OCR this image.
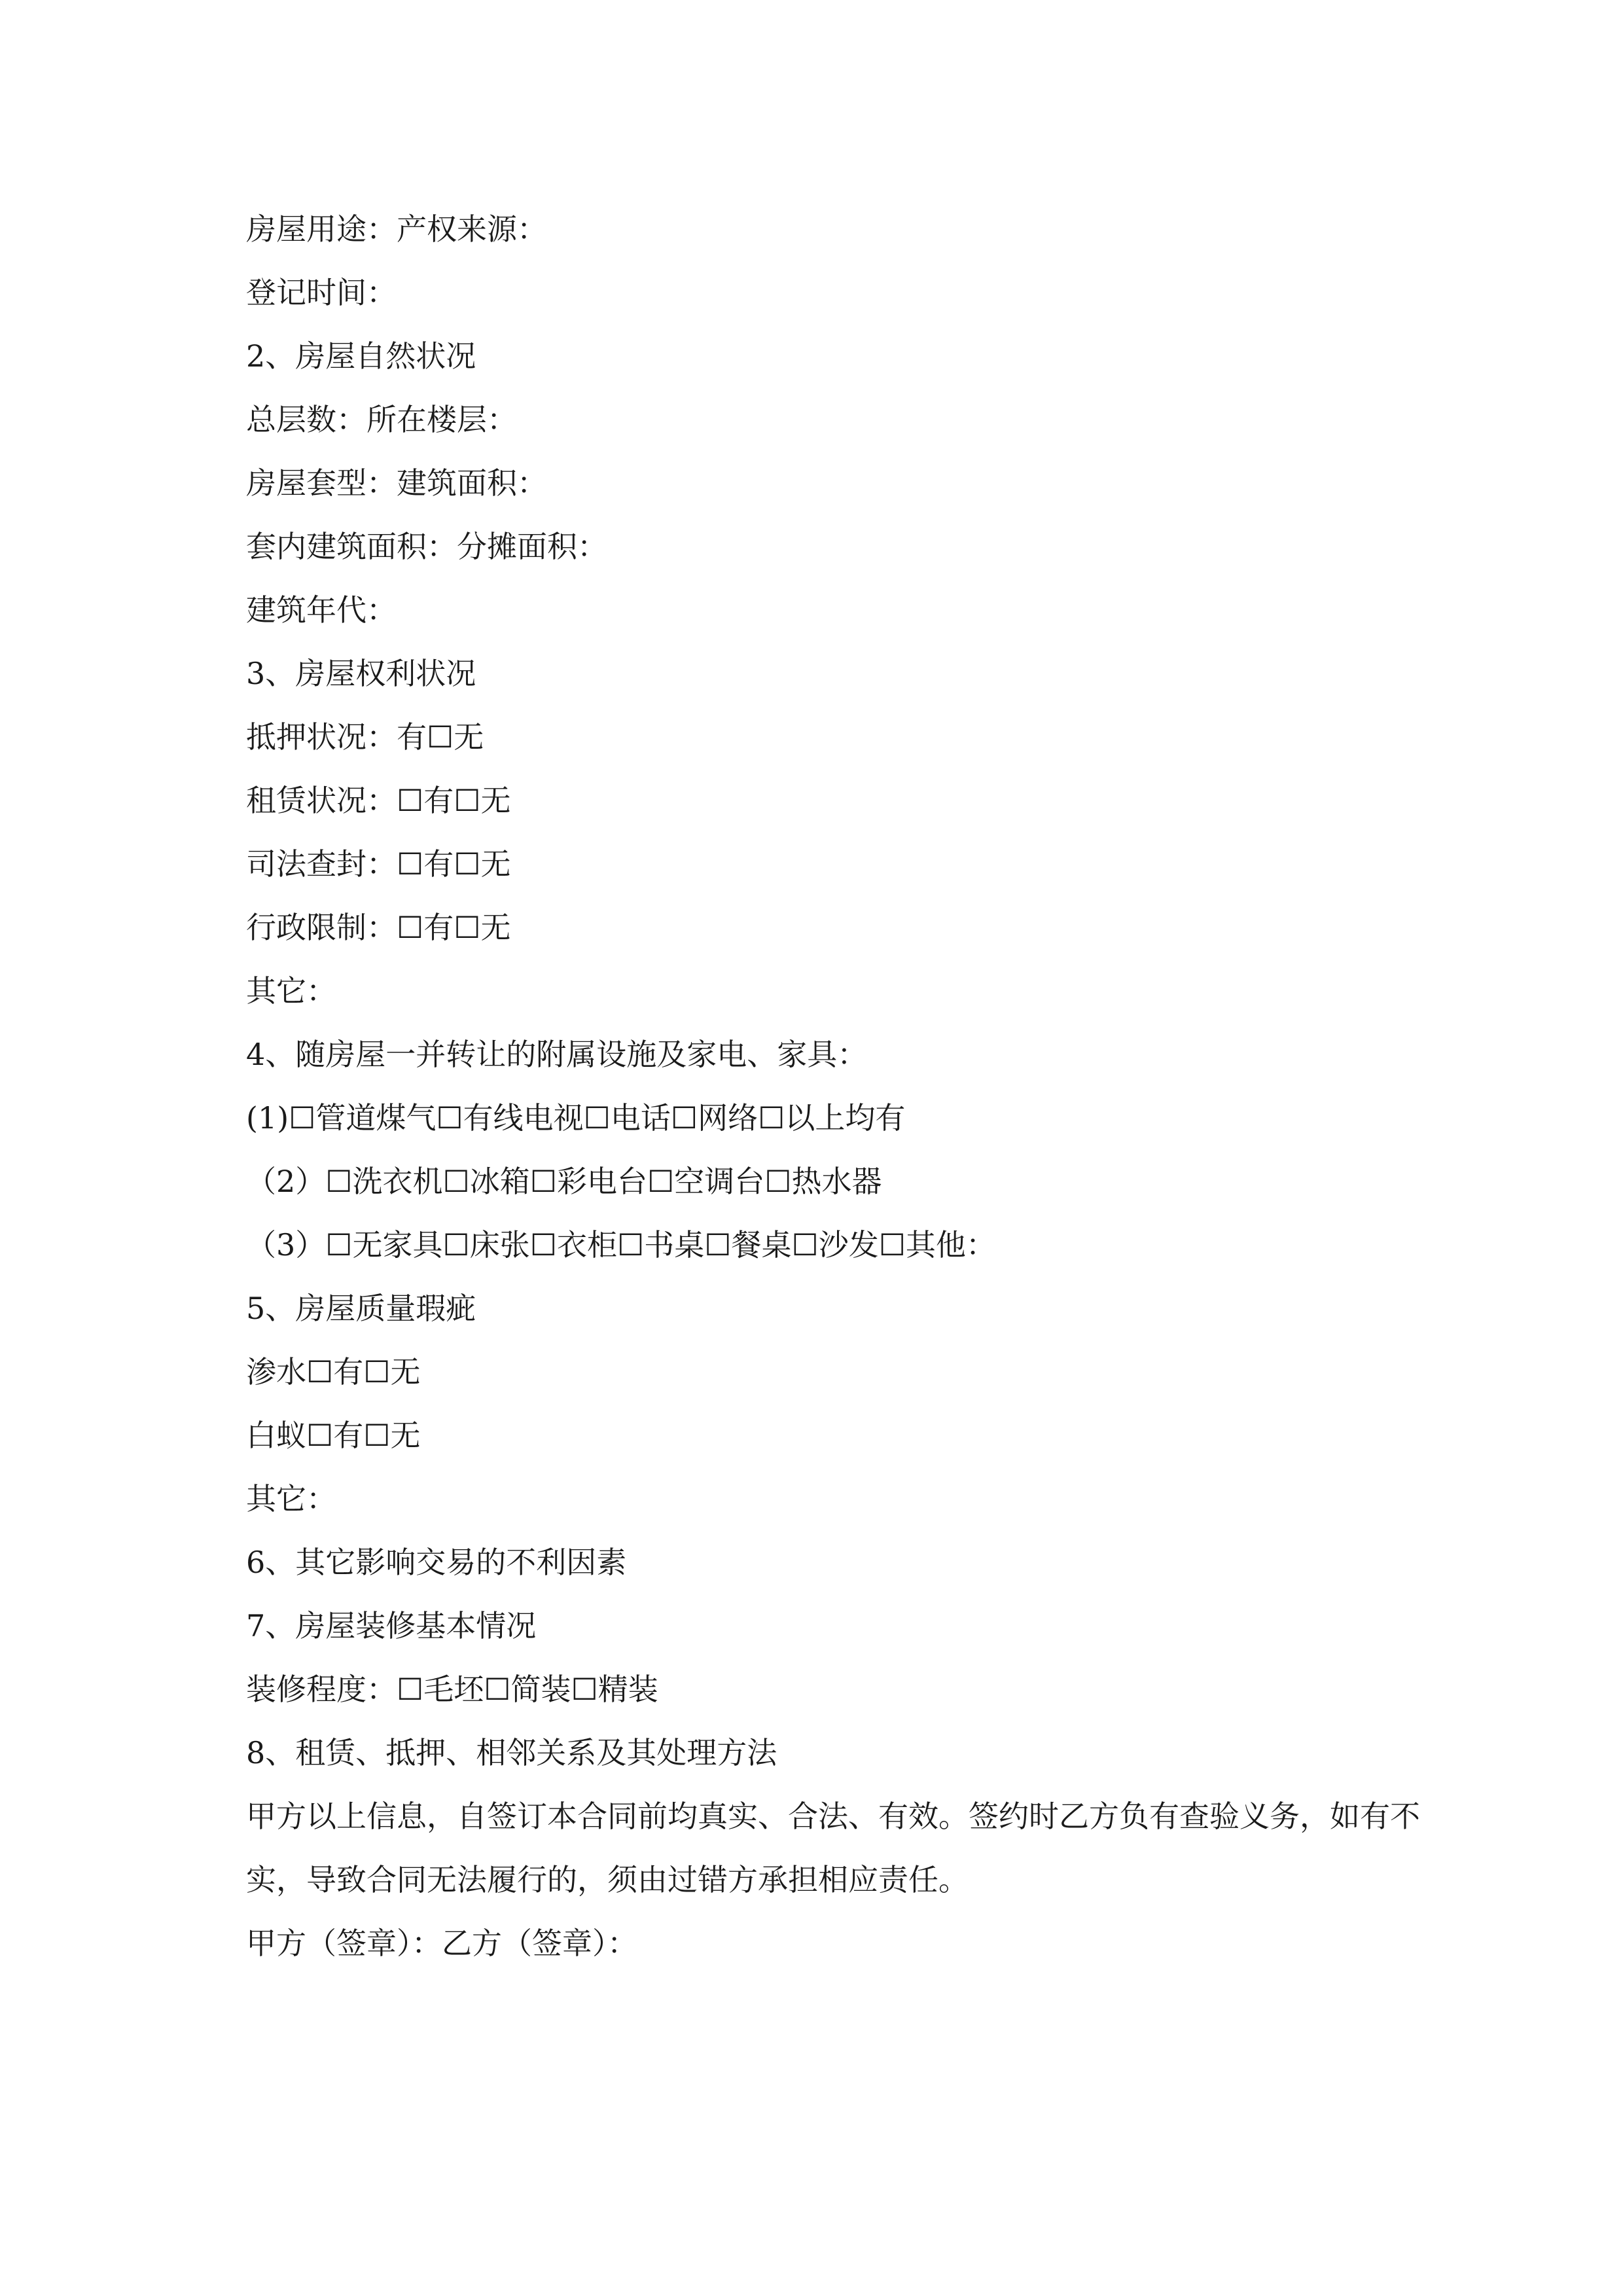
房屋用途：产权来源：
登记时间：
2、房屋自然状况
总层数：所在楼层：
房屋套型：建筑面积：
套内建筑面积：分摊面积：
建筑年代：
3、房屋权利状况
抵押状况：有☐无
租赁状况：☐有☐无
司法查封：☐有☐无
行政限制：☐有☐无
其它：
4、随房屋一并转让的附属设施及家电、家具：
(1)☐管道煤气☐有线电视☐电话☐网络☐以上均有
（2）☐洗衣机☐冰箱☐彩电台☐空调台☐热水器
（3）☐无家具☐床张☐衣柜☐书桌☐餐桌☐沙发☐其他：
5、房屋质量瑕疵
渗水☐有☐无
白蚁☐有☐无
其它：
6、其它影响交易的不利因素
7、房屋装修基本情况
装修程度：☐毛坯☐简装☐精装
8、租赁、抵押、相邻关系及其处理方法
甲方以上信息，自签订本合同前均真实、合法、有效。签约时乙方负有查验义务，如有不实，导致合同无法履行的，须由过错方承担相应责任。
甲方（签章）：乙方（签章）：
